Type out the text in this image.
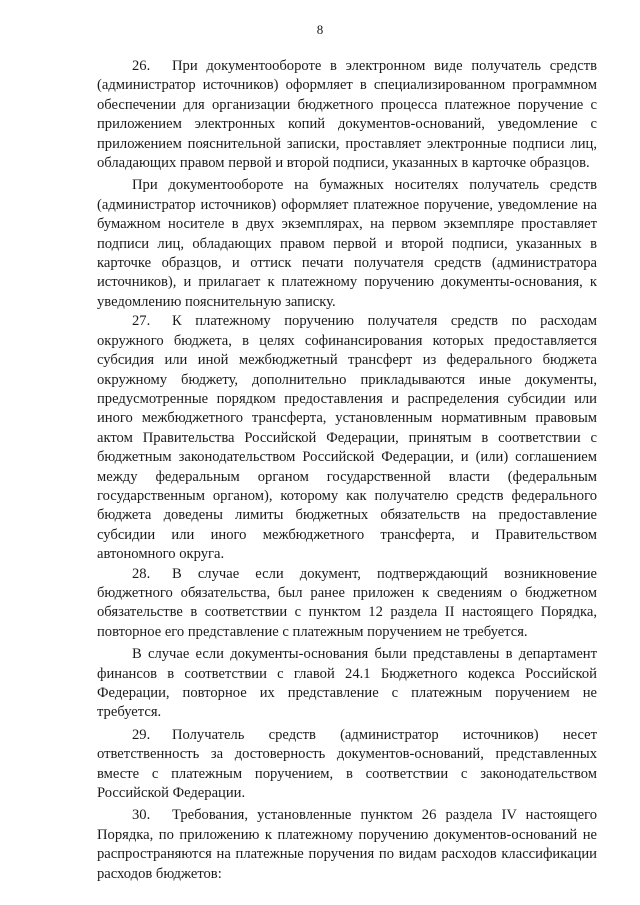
8

26. При документообороте в электронном виде получатель средств (администратор источников) оформляет в специализированном программном обеспечении для организации бюджетного процесса платежное поручение с приложением электронных копий документов-оснований, уведомление с приложением пояснительной записки, проставляет электронные подписи лиц, обладающих правом первой и второй подписи, указанных в карточке образцов.

При документообороте на бумажных носителях получатель средств (администратор источников) оформляет платежное поручение, уведомление на бумажном носителе в двух экземплярах, на первом экземпляре проставляет подписи лиц, обладающих правом первой и второй подписи, указанных в карточке образцов, и оттиск печати получателя средств (администратора источников), и прилагает к платежному поручению документы-основания, к уведомлению пояснительную записку.

27. К платежному поручению получателя средств по расходам окружного бюджета, в целях софинансирования которых предоставляется субсидия или иной межбюджетный трансферт из федерального бюджета окружному бюджету, дополнительно прикладываются иные документы, предусмотренные порядком предоставления и распределения субсидии или иного межбюджетного трансферта, установленным нормативным правовым актом Правительства Российской Федерации, принятым в соответствии с бюджетным законодательством Российской Федерации, и (или) соглашением между федеральным органом государственной власти (федеральным государственным органом), которому как получателю средств федерального бюджета доведены лимиты бюджетных обязательств на предоставление субсидии или иного межбюджетного трансферта, и Правительством автономного округа.

28. В случае если документ, подтверждающий возникновение бюджетного обязательства, был ранее приложен к сведениям о бюджетном обязательстве в соответствии с пунктом 12 раздела II настоящего Порядка, повторное его представление с платежным поручением не требуется.

В случае если документы-основания были представлены в департамент финансов в соответствии с главой 24.1 Бюджетного кодекса Российской Федерации, повторное их представление с платежным поручением не требуется.

29. Получатель средств (администратор источников) несет ответственность за достоверность документов-оснований, представленных вместе с платежным поручением, в соответствии с законодательством Российской Федерации.

30. Требования, установленные пунктом 26 раздела IV настоящего Порядка, по приложению к платежному поручению документов-оснований не распространяются на платежные поручения по видам расходов классификации расходов бюджетов:
